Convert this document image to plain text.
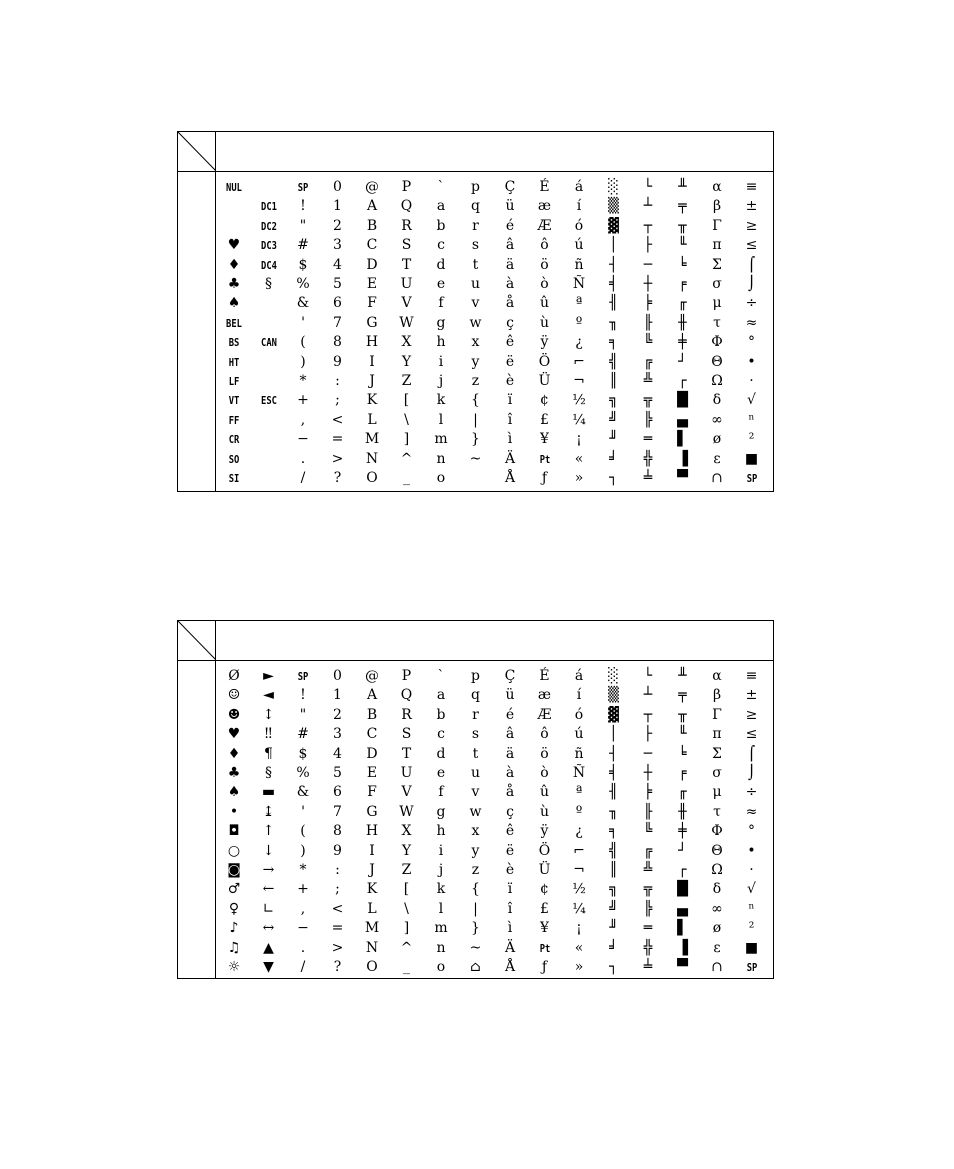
NUL
♥
♦
♣
♠
BEL
BS
HT
LF
VT
FF
CR
SO
SI
DC1
DC2
DC3
DC4
§
CAN
ESC
SP
!
"
#
$
%
&
'
(
)
*
+
,
−
.
/
0
1
2
3
4
5
6
7
8
9
:
;
<
=
>
?
@
A
B
C
D
E
F
G
H
I
J
K
L
M
N
O
P
Q
R
S
T
U
V
W
X
Y
Z
[
\
]
^
_
`
a
b
c
d
e
f
g
h
i
j
k
l
m
n
o
p
q
r
s
t
u
v
w
x
y
z
{
|
}
~
Ç
ü
é
â
ä
à
å
ç
ê
ë
è
ï
î
ì
Ä
Å
É
æ
Æ
ô
ö
ò
û
ù
ÿ
Ö
Ü
¢
£
¥
Pt
ƒ
á
í
ó
ú
ñ
Ñ
ª
º
¿
⌐
¬
½
¼
¡
«
»
░
▒
▓
│
┤
╡
╢
╖
╕
╣
║
╗
╝
╜
╛
┐
└
┴
┬
├
─
┼
╞
╟
╚
╔
╩
╦
╠
═
╬
╧
╨
╤
╥
╙
╘
╒
╓
╫
╪
┘
┌
█
▄
▌
▐
▀
α
β
Γ
π
Σ
σ
μ
τ
Φ
Θ
Ω
δ
∞
ø
ε
∩
≡
±
≥
≤
⌠
⌡
÷
≈
°
•
·
√
ⁿ
²
■
SP
Ø
☺
☻
♥
♦
♣
♠
•
◘
○
◙
♂
♀
♪
♫
☼
►
◄
↕
‼
¶
§
▬
↨
↑
↓
→
←
∟
↔
▲
▼
SP
!
"
#
$
%
&
'
(
)
*
+
,
−
.
/
0
1
2
3
4
5
6
7
8
9
:
;
<
=
>
?
@
A
B
C
D
E
F
G
H
I
J
K
L
M
N
O
P
Q
R
S
T
U
V
W
X
Y
Z
[
\
]
^
_
`
a
b
c
d
e
f
g
h
i
j
k
l
m
n
o
p
q
r
s
t
u
v
w
x
y
z
{
|
}
~
⌂
Ç
ü
é
â
ä
à
å
ç
ê
ë
è
ï
î
ì
Ä
Å
É
æ
Æ
ô
ö
ò
û
ù
ÿ
Ö
Ü
¢
£
¥
Pt
ƒ
á
í
ó
ú
ñ
Ñ
ª
º
¿
⌐
¬
½
¼
¡
«
»
░
▒
▓
│
┤
╡
╢
╖
╕
╣
║
╗
╝
╜
╛
┐
└
┴
┬
├
─
┼
╞
╟
╚
╔
╩
╦
╠
═
╬
╧
╨
╤
╥
╙
╘
╒
╓
╫
╪
┘
┌
█
▄
▌
▐
▀
α
β
Γ
π
Σ
σ
μ
τ
Φ
Θ
Ω
δ
∞
ø
ε
∩
≡
±
≥
≤
⌠
⌡
÷
≈
°
•
·
√
ⁿ
²
■
SP
